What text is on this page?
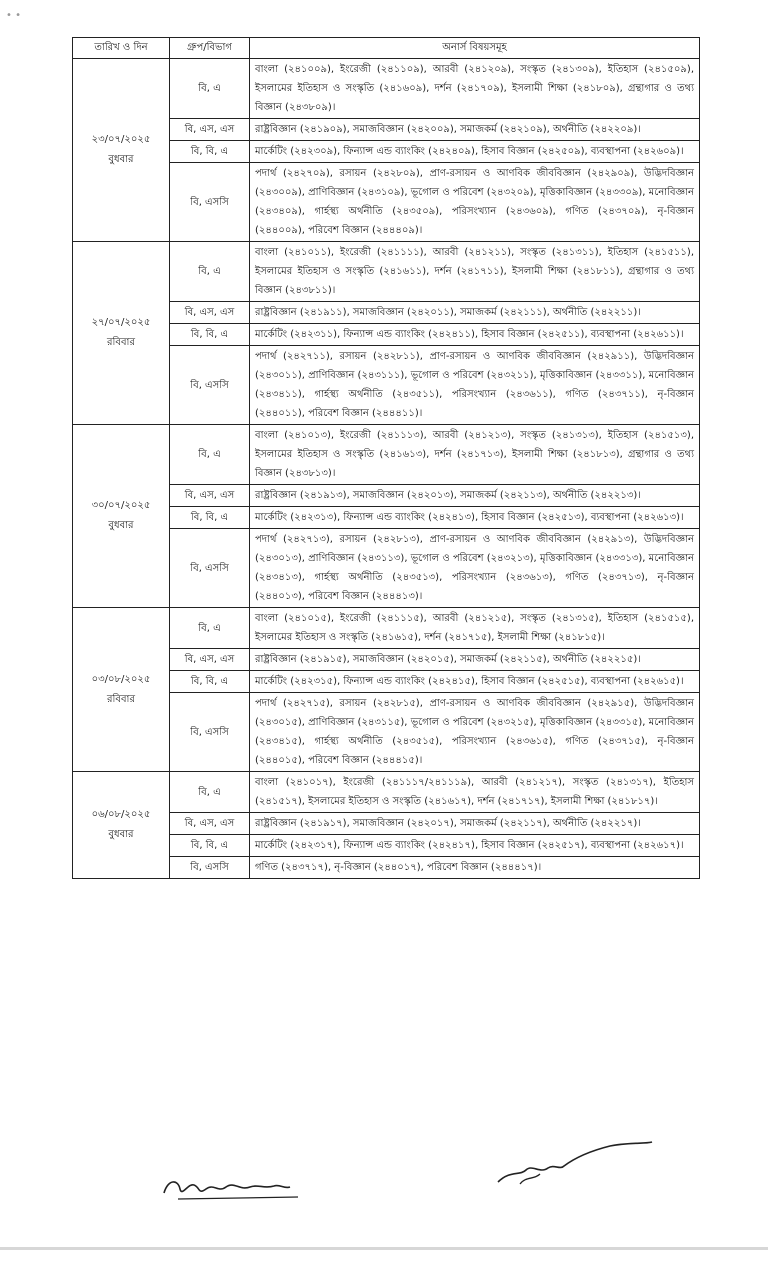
• •
তারিখ ও দিন	গ্রুপ/বিভাগ	অনার্স বিষয়সমূহ

২৩/০৭/২০২৫
বুধবার	বি, এ	বাংলা (২৪১০০৯), ইংরেজী (২৪১১০৯), আরবী (২৪১২০৯), সংস্কৃত (২৪১৩০৯), ইতিহাস (২৪১৫০৯), ইসলামের ইতিহাস ও সংস্কৃতি (২৪১৬০৯), দর্শন (২৪১৭০৯), ইসলামী শিক্ষা (২৪১৮০৯), গ্রন্থাগার ও তথ্য বিজ্ঞান (২৪৩৮০৯)।
	বি, এস, এস	রাষ্ট্রবিজ্ঞান (২৪১৯০৯), সমাজবিজ্ঞান (২৪২০০৯), সমাজকর্ম (২৪২১০৯), অর্থনীতি (২৪২২০৯)।
	বি, বি, এ	মার্কেটিং (২৪২৩০৯), ফিন্যান্স এন্ড ব্যাংকিং (২৪২৪০৯), হিসাব বিজ্ঞান (২৪২৫০৯), ব্যবস্থাপনা (২৪২৬০৯)।
	বি, এসসি	পদার্থ (২৪২৭০৯), রসায়ন (২৪২৮০৯), প্রাণ-রসায়ন ও আণবিক জীববিজ্ঞান (২৪২৯০৯), উদ্ভিদবিজ্ঞান (২৪৩০০৯), প্রাণিবিজ্ঞান (২৪৩১০৯), ভূগোল ও পরিবেশ (২৪৩২০৯), মৃত্তিকাবিজ্ঞান (২৪৩৩০৯), মনোবিজ্ঞান (২৪৩৪০৯), গার্হস্থ্য অর্থনীতি (২৪৩৫০৯), পরিসংখ্যান (২৪৩৬০৯), গণিত (২৪৩৭০৯), নৃ-বিজ্ঞান (২৪৪০০৯), পরিবেশ বিজ্ঞান (২৪৪৪০৯)।

২৭/০৭/২০২৫
রবিবার	বি, এ	বাংলা (২৪১০১১), ইংরেজী (২৪১১১১), আরবী (২৪১২১১), সংস্কৃত (২৪১৩১১), ইতিহাস (২৪১৫১১), ইসলামের ইতিহাস ও সংস্কৃতি (২৪১৬১১), দর্শন (২৪১৭১১), ইসলামী শিক্ষা (২৪১৮১১), গ্রন্থাগার ও তথ্য বিজ্ঞান (২৪৩৮১১)।
	বি, এস, এস	রাষ্ট্রবিজ্ঞান (২৪১৯১১), সমাজবিজ্ঞান (২৪২০১১), সমাজকর্ম (২৪২১১১), অর্থনীতি (২৪২২১১)।
	বি, বি, এ	মার্কেটিং (২৪২৩১১), ফিন্যান্স এন্ড ব্যাংকিং (২৪২৪১১), হিসাব বিজ্ঞান (২৪২৫১১), ব্যবস্থাপনা (২৪২৬১১)।
	বি, এসসি	পদার্থ (২৪২৭১১), রসায়ন (২৪২৮১১), প্রাণ-রসায়ন ও আণবিক জীববিজ্ঞান (২৪২৯১১), উদ্ভিদবিজ্ঞান (২৪৩০১১), প্রাণিবিজ্ঞান (২৪৩১১১), ভূগোল ও পরিবেশ (২৪৩২১১), মৃত্তিকাবিজ্ঞান (২৪৩৩১১), মনোবিজ্ঞান (২৪৩৪১১), গার্হস্থ্য অর্থনীতি (২৪৩৫১১), পরিসংখ্যান (২৪৩৬১১), গণিত (২৪৩৭১১), নৃ-বিজ্ঞান (২৪৪০১১), পরিবেশ বিজ্ঞান (২৪৪৪১১)।

৩০/০৭/২০২৫
বুধবার	বি, এ	বাংলা (২৪১০১৩), ইংরেজী (২৪১১১৩), আরবী (২৪১২১৩), সংস্কৃত (২৪১৩১৩), ইতিহাস (২৪১৫১৩), ইসলামের ইতিহাস ও সংস্কৃতি (২৪১৬১৩), দর্শন (২৪১৭১৩), ইসলামী শিক্ষা (২৪১৮১৩), গ্রন্থাগার ও তথ্য বিজ্ঞান (২৪৩৮১৩)।
	বি, এস, এস	রাষ্ট্রবিজ্ঞান (২৪১৯১৩), সমাজবিজ্ঞান (২৪২০১৩), সমাজকর্ম (২৪২১১৩), অর্থনীতি (২৪২২১৩)।
	বি, বি, এ	মার্কেটিং (২৪২৩১৩), ফিন্যান্স এন্ড ব্যাংকিং (২৪২৪১৩), হিসাব বিজ্ঞান (২৪২৫১৩), ব্যবস্থাপনা (২৪২৬১৩)।
	বি, এসসি	পদার্থ (২৪২৭১৩), রসায়ন (২৪২৮১৩), প্রাণ-রসায়ন ও আণবিক জীববিজ্ঞান (২৪২৯১৩), উদ্ভিদবিজ্ঞান (২৪৩০১৩), প্রাণিবিজ্ঞান (২৪৩১১৩), ভূগোল ও পরিবেশ (২৪৩২১৩), মৃত্তিকাবিজ্ঞান (২৪৩৩১৩), মনোবিজ্ঞান (২৪৩৪১৩), গার্হস্থ্য অর্থনীতি (২৪৩৫১৩), পরিসংখ্যান (২৪৩৬১৩), গণিত (২৪৩৭১৩), নৃ-বিজ্ঞান (২৪৪০১৩), পরিবেশ বিজ্ঞান (২৪৪৪১৩)।

০৩/০৮/২০২৫
রবিবার	বি, এ	বাংলা (২৪১০১৫), ইংরেজী (২৪১১১৫), আরবী (২৪১২১৫), সংস্কৃত (২৪১৩১৫), ইতিহাস (২৪১৫১৫), ইসলামের ইতিহাস ও সংস্কৃতি (২৪১৬১৫), দর্শন (২৪১৭১৫), ইসলামী শিক্ষা (২৪১৮১৫)।
	বি, এস, এস	রাষ্ট্রবিজ্ঞান (২৪১৯১৫), সমাজবিজ্ঞান (২৪২০১৫), সমাজকর্ম (২৪২১১৫), অর্থনীতি (২৪২২১৫)।
	বি, বি, এ	মার্কেটিং (২৪২৩১৫), ফিন্যান্স এন্ড ব্যাংকিং (২৪২৪১৫), হিসাব বিজ্ঞান (২৪২৫১৫), ব্যবস্থাপনা (২৪২৬১৫)।
	বি, এসসি	পদার্থ (২৪২৭১৫), রসায়ন (২৪২৮১৫), প্রাণ-রসায়ন ও আণবিক জীববিজ্ঞান (২৪২৯১৫), উদ্ভিদবিজ্ঞান (২৪৩০১৫), প্রাণিবিজ্ঞান (২৪৩১১৫), ভূগোল ও পরিবেশ (২৪৩২১৫), মৃত্তিকাবিজ্ঞান (২৪৩৩১৫), মনোবিজ্ঞান (২৪৩৪১৫), গার্হস্থ্য অর্থনীতি (২৪৩৫১৫), পরিসংখ্যান (২৪৩৬১৫), গণিত (২৪৩৭১৫), নৃ-বিজ্ঞান (২৪৪০১৫), পরিবেশ বিজ্ঞান (২৪৪৪১৫)।

০৬/০৮/২০২৫
বুধবার	বি, এ	বাংলা (২৪১০১৭), ইংরেজী (২৪১১১৭/২৪১১১৯), আরবী (২৪১২১৭), সংস্কৃত (২৪১৩১৭), ইতিহাস (২৪১৫১৭), ইসলামের ইতিহাস ও সংস্কৃতি (২৪১৬১৭), দর্শন (২৪১৭১৭), ইসলামী শিক্ষা (২৪১৮১৭)।
	বি, এস, এস	রাষ্ট্রবিজ্ঞান (২৪১৯১৭), সমাজবিজ্ঞান (২৪২০১৭), সমাজকর্ম (২৪২১১৭), অর্থনীতি (২৪২২১৭)।
	বি, বি, এ	মার্কেটিং (২৪২৩১৭), ফিন্যান্স এন্ড ব্যাংকিং (২৪২৪১৭), হিসাব বিজ্ঞান (২৪২৫১৭), ব্যবস্থাপনা (২৪২৬১৭)।
	বি, এসসি	গণিত (২৪৩৭১৭), নৃ-বিজ্ঞান (২৪৪০১৭), পরিবেশ বিজ্ঞান (২৪৪৪১৭)।
